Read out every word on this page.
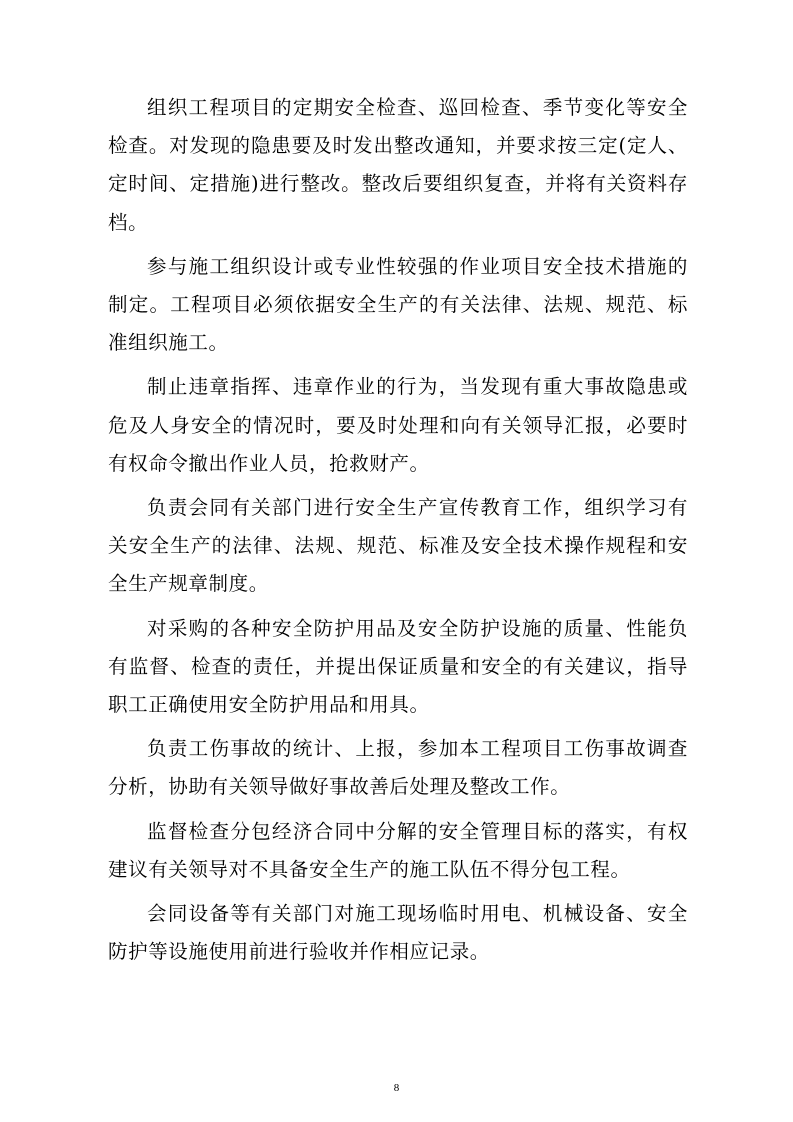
组织工程项目的定期安全检查、巡回检查、季节变化等安全检查。对发现的隐患要及时发出整改通知，并要求按三定(定人、 定时间、定措施)进行整改。整改后要组织复查，并将有关资料存档。

参与施工组织设计或专业性较强的作业项目安全技术措施的制定。工程项目必须依据安全生产的有关法律、法规、规范、标准组织施工。

制止违章指挥、违章作业的行为，当发现有重大事故隐患或危及人身安全的情况时，要及时处理和向有关领导汇报，必要时有权命令撤出作业人员，抢救财产。

负责会同有关部门进行安全生产宣传教育工作，组织学习有关安全生产的法律、法规、规范、标准及安全技术操作规程和安全生产规章制度。

对采购的各种安全防护用品及安全防护设施的质量、性能负有监督、检查的责任，并提出保证质量和安全的有关建议，指导职工正确使用安全防护用品和用具。

负责工伤事故的统计、上报，参加本工程项目工伤事故调查分析，协助有关领导做好事故善后处理及整改工作。

监督检查分包经济合同中分解的安全管理目标的落实，有权建议有关领导对不具备安全生产的施工队伍不得分包工程。

会同设备等有关部门对施工现场临时用电、机械设备、安全防护等设施使用前进行验收并作相应记录。

8
